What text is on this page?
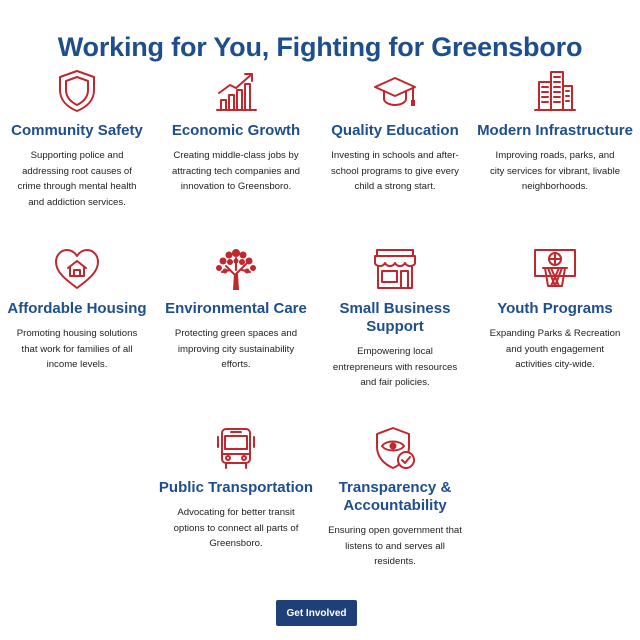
Working for You, Fighting for Greensboro
Community Safety

Supporting police and addressing root causes of crime through mental health and addiction services.

Economic Growth

Creating middle-class jobs by attracting tech companies and innovation to Greensboro.

Quality Education

Investing in schools and after-school programs to give every child a strong start.

Modern Infrastructure

Improving roads, parks, and city services for vibrant, livable neighborhoods.

Affordable Housing

Promoting housing solutions that work for families of all income levels.

Environmental Care

Protecting green spaces and improving city sustainability efforts.

Small Business Support

Empowering local entrepreneurs with resources and fair policies.

Youth Programs

Expanding Parks & Recreation and youth engagement activities city-wide.

Public Transportation

Advocating for better transit options to connect all parts of Greensboro.

Transparency & Accountability

Ensuring open government that listens to and serves all residents.

Get Involved
